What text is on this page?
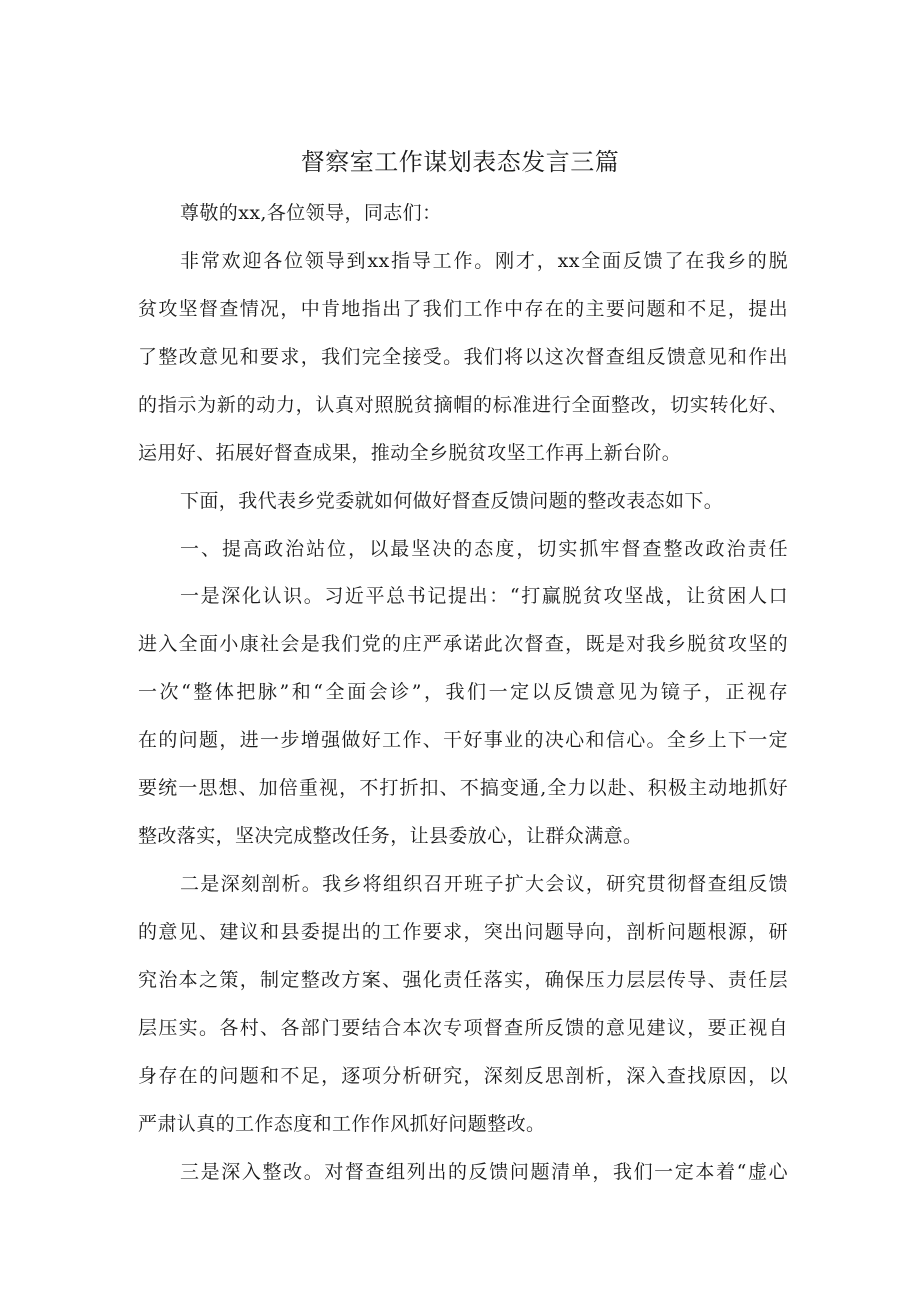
督察室工作谋划表态发言三篇
尊敬的xx,各位领导，同志们：
非常欢迎各位领导到xx指导工作。刚才，xx全面反馈了在我乡的脱
贫攻坚督查情况，中肯地指出了我们工作中存在的主要问题和不足，提出
了整改意见和要求，我们完全接受。我们将以这次督查组反馈意见和作出
的指示为新的动力，认真对照脱贫摘帽的标准进行全面整改，切实转化好、
运用好、拓展好督查成果，推动全乡脱贫攻坚工作再上新台阶。
下面，我代表乡党委就如何做好督查反馈问题的整改表态如下。
一、提高政治站位，以最坚决的态度，切实抓牢督查整改政治责任
一是深化认识。习近平总书记提出：“打赢脱贫攻坚战，让贫困人口
进入全面小康社会是我们党的庄严承诺此次督查，既是对我乡脱贫攻坚的
一次“整体把脉”和“全面会诊”，我们一定以反馈意见为镜子，正视存
在的问题，进一步增强做好工作、干好事业的决心和信心。全乡上下一定
要统一思想、加倍重视，不打折扣、不搞变通,全力以赴、积极主动地抓好
整改落实，坚决完成整改任务，让县委放心，让群众满意。
二是深刻剖析。我乡将组织召开班子扩大会议，研究贯彻督查组反馈
的意见、建议和县委提出的工作要求，突出问题导向，剖析问题根源，研
究治本之策，制定整改方案、强化责任落实，确保压力层层传导、责任层
层压实。各村、各部门要结合本次专项督查所反馈的意见建议，要正视自
身存在的问题和不足，逐项分析研究，深刻反思剖析，深入查找原因，以
严肃认真的工作态度和工作作风抓好问题整改。
三是深入整改。对督查组列出的反馈问题清单，我们一定本着“虚心
